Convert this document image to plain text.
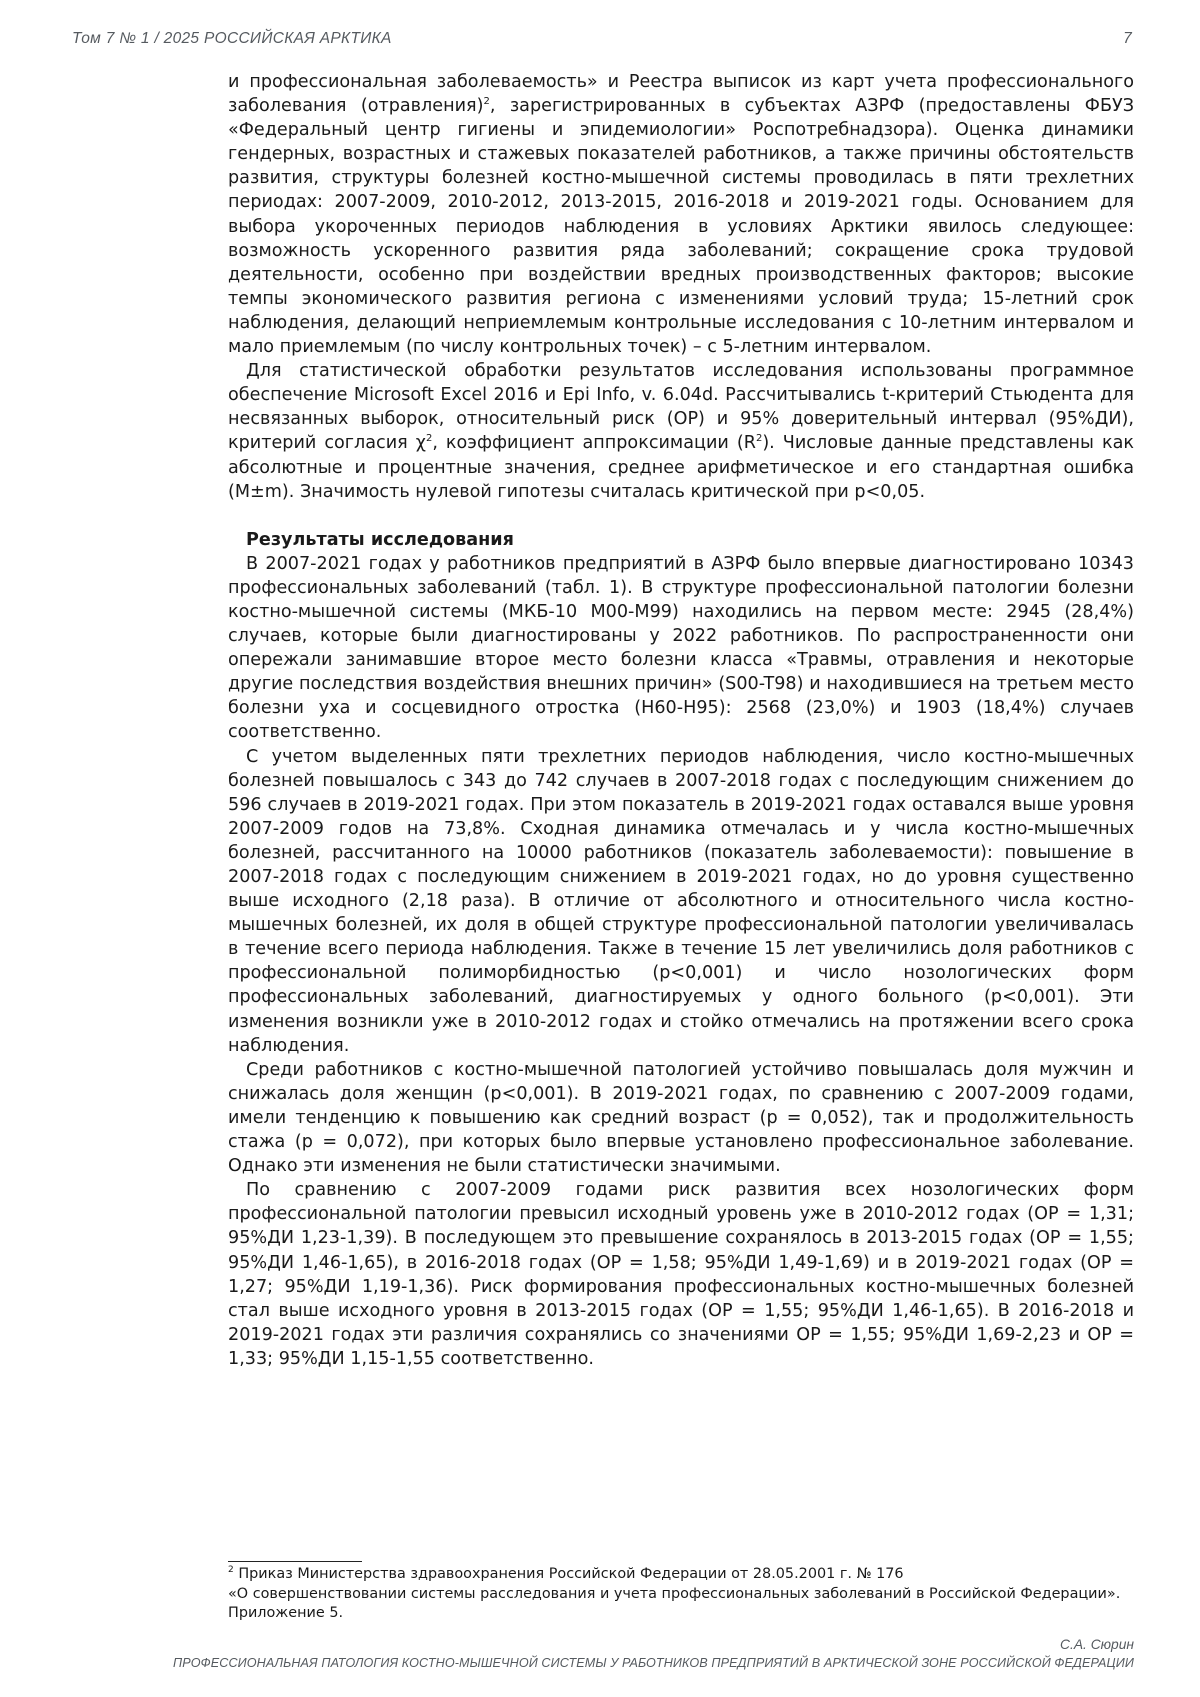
Том 7 № 1 / 2025 РОССИЙСКАЯ АРКТИКА	7

и профессиональная заболеваемость» и Реестра выписок из карт учета профессионального заболевания (отравления)$^2$, зарегистрированных в субъектах АЗРФ (предоставлены ФБУЗ «Федеральный центр гигиены и эпидемиологии» Роспотребнадзора). Оценка динамики гендерных, возрастных и стажевых показателей работников, а также причины обстоятельств развития, структуры болезней костно-мышечной системы проводилась в пяти трехлетних периодах: 2007-2009, 2010-2012, 2013-2015, 2016-2018 и 2019-2021 годы. Основанием для выбора укороченных периодов наблюдения в условиях Арктики явилось следующее: возможность ускоренного развития ряда заболеваний; сокращение срока трудовой деятельности, особенно при воздействии вредных производственных факторов; высокие темпы экономического развития региона с изменениями условий труда; 15-летний срок наблюдения, делающий неприемлемым контрольные исследования с 10-летним интервалом и мало приемлемым (по числу контрольных точек) – с 5-летним интервалом.

Для статистической обработки результатов исследования использованы программное обеспечение Microsoft Excel 2016 и Epi Info, v. 6.04d. Рассчитывались t-критерий Стьюдента для несвязанных выборок, относительный риск (ОР) и 95% доверительный интервал (95%ДИ), критерий согласия $\chi^2$, коэффициент аппроксимации $(R^2)$. Числовые данные представлены как абсолютные и процентные значения, среднее арифметическое и его стандартная ошибка (M±m). Значимость нулевой гипотезы считалась критической при p<0,05.

Результаты исследования

В 2007-2021 годах у работников предприятий в АЗРФ было впервые диагностировано 10343 профессиональных заболеваний (табл. 1). В структуре профессиональной патологии болезни костно-мышечной системы (МКБ-10 M00-M99) находились на первом месте: 2945 (28,4%) случаев, которые были диагностированы у 2022 работников. По распространенности они опережали занимавшие второе место болезни класса «Травмы, отравления и некоторые другие последствия воздействия внешних причин» (S00-T98) и находившиеся на третьем место болезни уха и сосцевидного отростка (H60-H95): 2568 (23,0%) и 1903 (18,4%) случаев соответственно.

С учетом выделенных пяти трехлетних периодов наблюдения, число костно-мышечных болезней повышалось с 343 до 742 случаев в 2007-2018 годах с последующим снижением до 596 случаев в 2019-2021 годах. При этом показатель в 2019-2021 годах оставался выше уровня 2007-2009 годов на 73,8%. Сходная динамика отмечалась и у числа костно-мышечных болезней, рассчитанного на 10000 работников (показатель заболеваемости): повышение в 2007-2018 годах с последующим снижением в 2019-2021 годах, но до уровня существенно выше исходного (2,18 раза). В отличие от абсолютного и относительного числа костно-мышечных болезней, их доля в общей структуре профессиональной патологии увеличивалась в течение всего периода наблюдения. Также в течение 15 лет увеличились доля работников с профессиональной полиморбидностью (p<0,001) и число нозологических форм профессиональных заболеваний, диагностируемых у одного больного (p<0,001). Эти изменения возникли уже в 2010-2012 годах и стойко отмечались на протяжении всего срока наблюдения.

Среди работников с костно-мышечной патологией устойчиво повышалась доля мужчин и снижалась доля женщин (p<0,001). В 2019-2021 годах, по сравнению с 2007-2009 годами, имели тенденцию к повышению как средний возраст (p = 0,052), так и продолжительность стажа (p = 0,072), при которых было впервые установлено профессиональное заболевание. Однако эти изменения не были статистически значимыми.

По сравнению с 2007-2009 годами риск развития всех нозологических форм профессиональной патологии превысил исходный уровень уже в 2010-2012 годах (ОР = 1,31; 95%ДИ 1,23-1,39). В последующем это превышение сохранялось в 2013-2015 годах (ОР = 1,55; 95%ДИ 1,46-1,65), в 2016-2018 годах (ОР = 1,58; 95%ДИ 1,49-1,69) и в 2019-2021 годах (ОР = 1,27; 95%ДИ 1,19-1,36). Риск формирования профессиональных костно-мышечных болезней стал выше исходного уровня в 2013-2015 годах (ОР = 1,55; 95%ДИ 1,46-1,65). В 2016-2018 и 2019-2021 годах эти различия сохранялись со значениями ОР = 1,55; 95%ДИ 1,69-2,23 и ОР = 1,33; 95%ДИ 1,15-1,55 соответственно.

$^2$ Приказ Министерства здравоохранения Российской Федерации от 28.05.2001 г. № 176

«О совершенствовании системы расследования и учета профессиональных заболеваний в Российской Федерации». Приложение 5.

С.А. Сюрин
ПРОФЕССИОНАЛЬНАЯ ПАТОЛОГИЯ КОСТНО-МЫШЕЧНОЙ СИСТЕМЫ У РАБОТНИКОВ ПРЕДПРИЯТИЙ В АРКТИЧЕСКОЙ ЗОНЕ РОССИЙСКОЙ ФЕДЕРАЦИИ
